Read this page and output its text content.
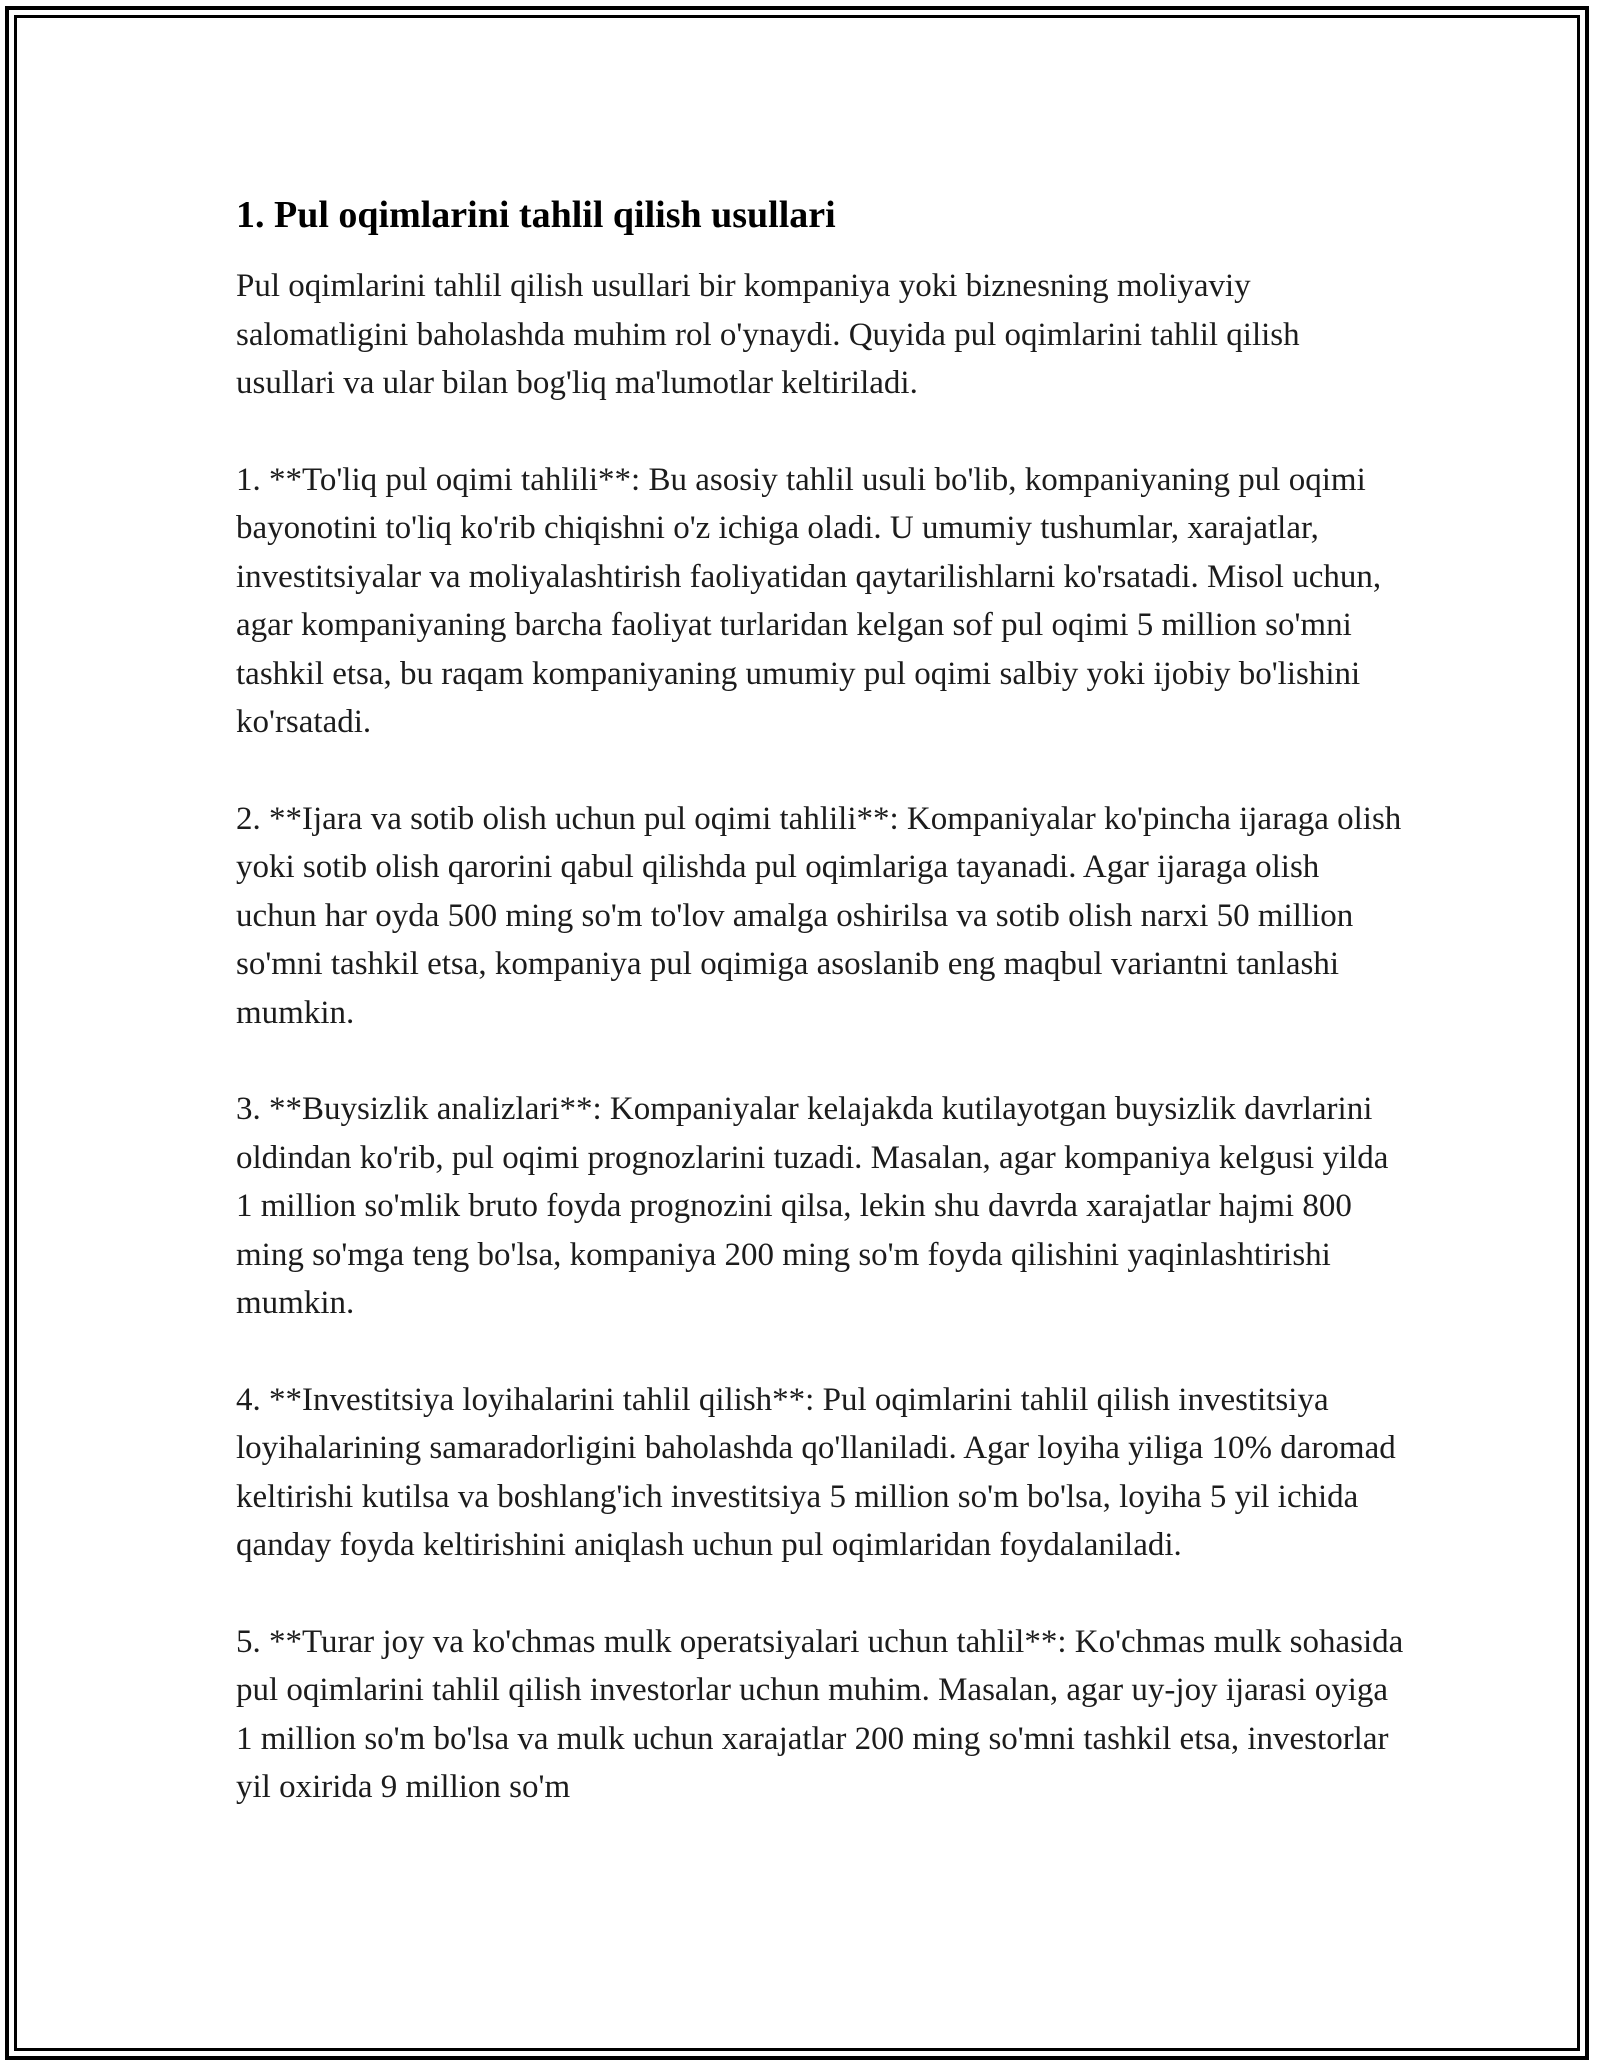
1. Pul oqimlarini tahlil qilish usullari

Pul oqimlarini tahlil qilish usullari bir kompaniya yoki biznesning moliyaviy salomatligini baholashda muhim rol o'ynaydi. Quyida pul oqimlarini tahlil qilish usullari va ular bilan bog'liq ma'lumotlar keltiriladi.

1. **To'liq pul oqimi tahlili**: Bu asosiy tahlil usuli bo'lib, kompaniyaning pul oqimi bayonotini to'liq ko'rib chiqishni o'z ichiga oladi. U umumiy tushumlar, xarajatlar, investitsiyalar va moliyalashtirish faoliyatidan qaytarilishlarni ko'rsatadi. Misol uchun, agar kompaniyaning barcha faoliyat turlaridan kelgan sof pul oqimi 5 million so'mni tashkil etsa, bu raqam kompaniyaning umumiy pul oqimi salbiy yoki ijobiy bo'lishini ko'rsatadi.

2. **Ijara va sotib olish uchun pul oqimi tahlili**: Kompaniyalar ko'pincha ijaraga olish yoki sotib olish qarorini qabul qilishda pul oqimlariga tayanadi. Agar ijaraga olish uchun har oyda 500 ming so'm to'lov amalga oshirilsa va sotib olish narxi 50 million so'mni tashkil etsa, kompaniya pul oqimiga asoslanib eng maqbul variantni tanlashi mumkin.

3. **Buysizlik analizlari**: Kompaniyalar kelajakda kutilayotgan buysizlik davrlarini oldindan ko'rib, pul oqimi prognozlarini tuzadi. Masalan, agar kompaniya kelgusi yilda 1 million so'mlik bruto foyda prognozini qilsa, lekin shu davrda xarajatlar hajmi 800 ming so'mga teng bo'lsa, kompaniya 200 ming so'm foyda qilishini yaqinlashtirishi mumkin.

4. **Investitsiya loyihalarini tahlil qilish**: Pul oqimlarini tahlil qilish investitsiya loyihalarining samaradorligini baholashda qo'llaniladi. Agar loyiha yiliga 10% daromad keltirishi kutilsa va boshlang'ich investitsiya 5 million so'm bo'lsa, loyiha 5 yil ichida qanday foyda keltirishini aniqlash uchun pul oqimlaridan foydalaniladi.

5. **Turar joy va ko'chmas mulk operatsiyalari uchun tahlil**: Ko'chmas mulk sohasida pul oqimlarini tahlil qilish investorlar uchun muhim. Masalan, agar uy-joy ijarasi oyiga 1 million so'm bo'lsa va mulk uchun xarajatlar 200 ming so'mni tashkil etsa, investorlar yil oxirida 9 million so'm
